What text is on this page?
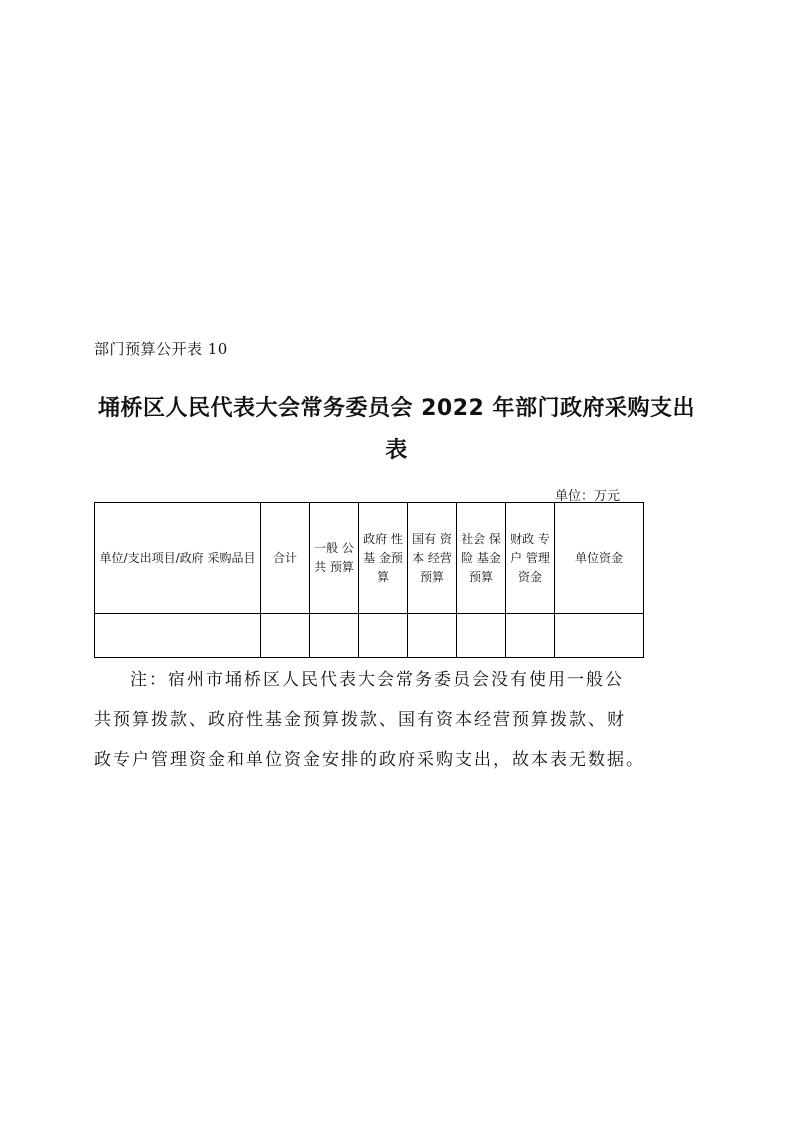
部门预算公开表 10
埇桥区人民代表大会常务委员会 2022 年部门政府采购支出
表
单位：万元
单位/支出项目/政府 采购品目	合计	一般 公共 预算	政府 性 基 金预 算	国有 资 本 经营 预算	社会 保险 基金 预算	财政 专 户 管理 资金	单位资金

注：宿州市埇桥区人民代表大会常务委员会没有使用一般公
共预算拨款、政府性基金预算拨款、国有资本经营预算拨款、财
政专户管理资金和单位资金安排的政府采购支出，故本表无数据。
